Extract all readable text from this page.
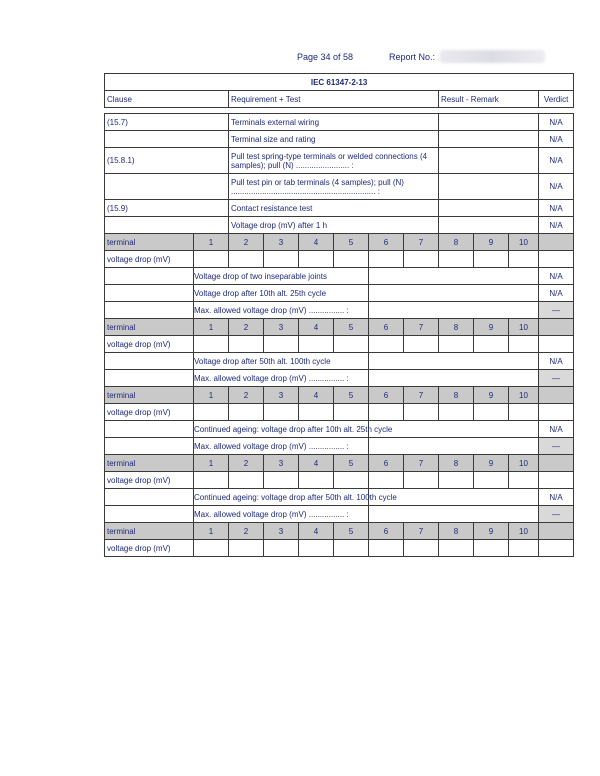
Page 34 of 58	Report No.:
IEC 61347-2-13											
Clause		Requirement + Test						Result - Remark			Verdict

(15.7)		Terminals external wiring									N/A
		Terminal size and rating									N/A
(15.8.1)		Pull test spring-type terminals or welded connections (4 samples); pull (N) ........................ :									N/A
		Pull test pin or tab terminals (4 samples); pull (N) ................................................................. :									N/A
(15.9)		Contact resistance test									N/A
		Voltage drop (mV) after 1 h									N/A
terminal	1	2	3	4	5	6	7	8	9	10	
voltage drop (mV)											
	Voltage drop of two inseparable joints										N/A
	Voltage drop after 10th alt. 25th cycle										N/A
	Max. allowed voltage drop (mV) ................ :										—
terminal	1	2	3	4	5	6	7	8	9	10	
voltage drop (mV)											
	Voltage drop after 50th alt. 100th cycle										N/A
	Max. allowed voltage drop (mV) ................ :										—
terminal	1	2	3	4	5	6	7	8	9	10	
voltage drop (mV)											
	Continued ageing: voltage drop after 10th alt. 25th cycle										N/A
	Max. allowed voltage drop (mV) ................ :										—
terminal	1	2	3	4	5	6	7	8	9	10	
voltage drop (mV)											
	Continued ageing: voltage drop after 50th alt. 100th cycle										N/A
	Max. allowed voltage drop (mV) ................ :										—
terminal	1	2	3	4	5	6	7	8	9	10	
voltage drop (mV)											
